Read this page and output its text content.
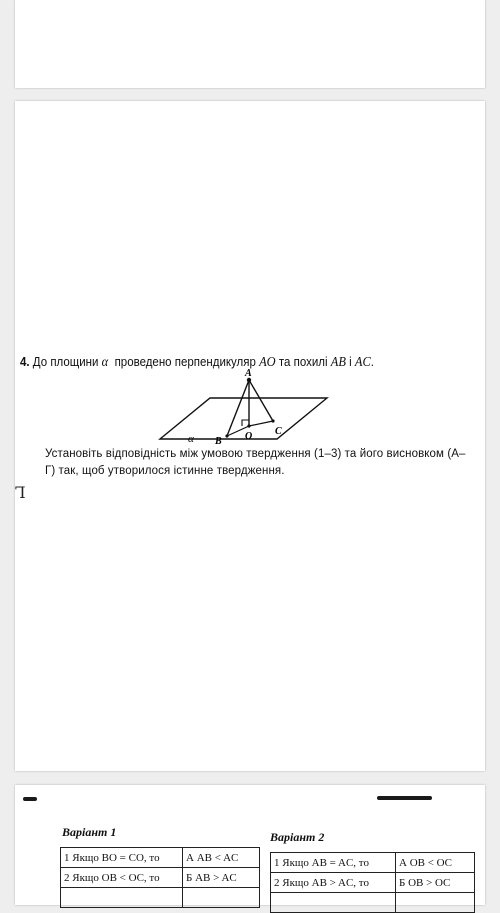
4. До площини α проведено перпендикуляр AO та похилі AB і AC.
A
B O C
α
Установіть відповідність між умовою твердження (1–3) та його висновком (А–Г) так, щоб утворилося істинне твердження.
Ꞁ
Варіант 1	Варіант 2
1 Якщо BO = CO, то	А AB < AC
2 Якщо OB < OC, то	Б AB > AC

1 Якщо AB = AC, то	А OB < OC
2 Якщо AB > AC, то	Б OB > OC
